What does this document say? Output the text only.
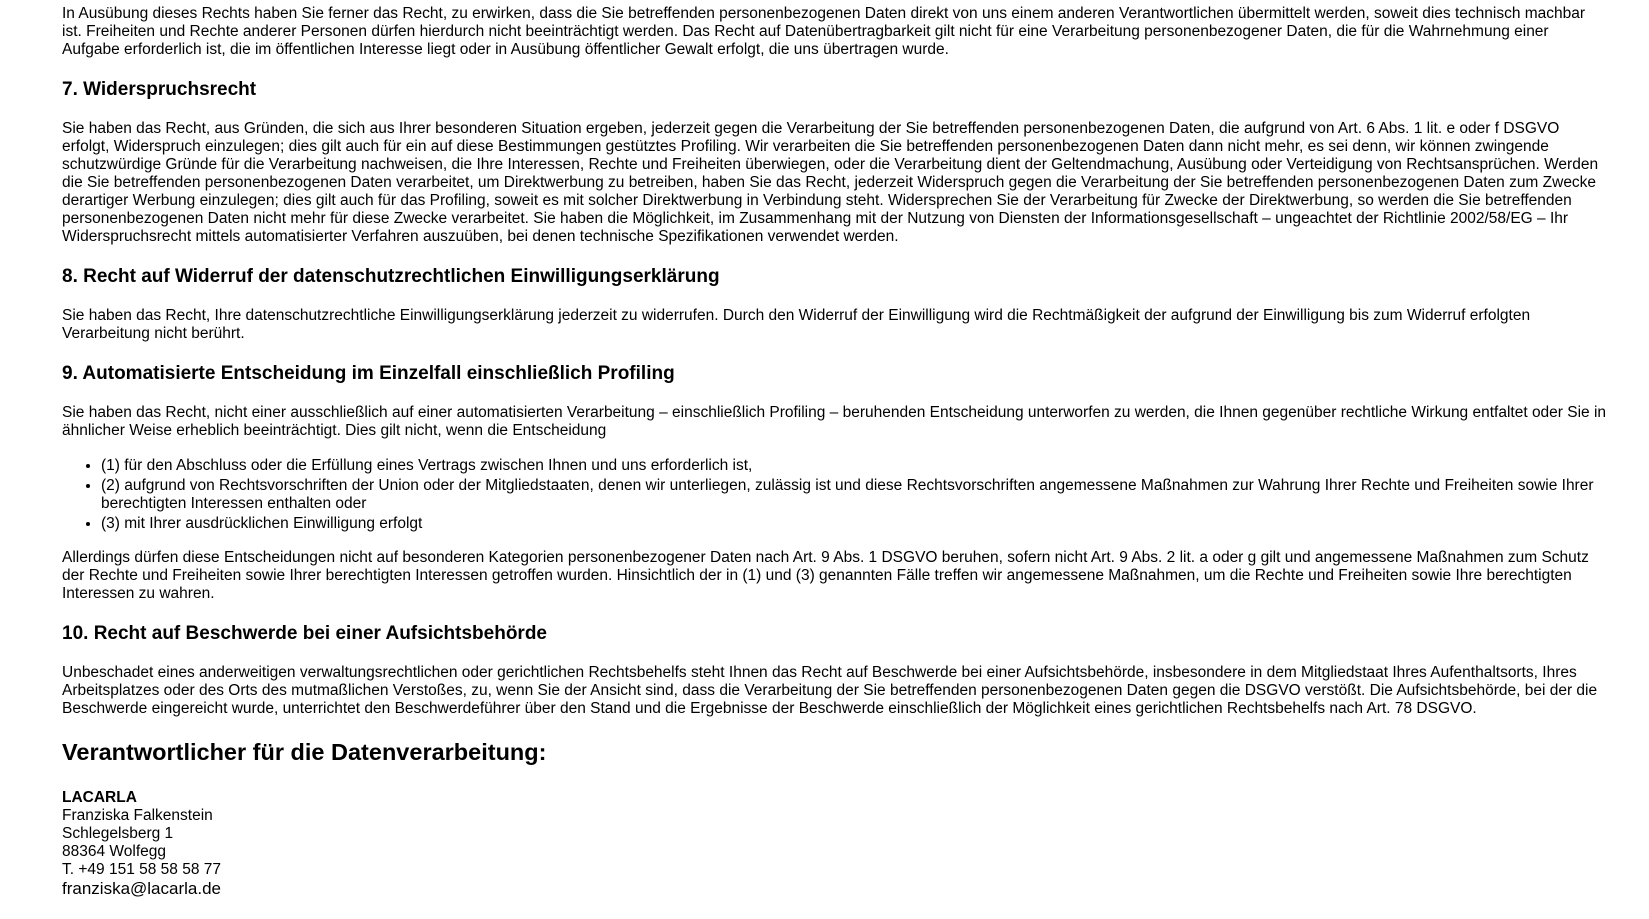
In Ausübung dieses Rechts haben Sie ferner das Recht, zu erwirken, dass die Sie betreffenden personenbezogenen Daten direkt von uns einem anderen Verantwortlichen übermittelt werden, soweit dies technisch machbar ist. Freiheiten und Rechte anderer Personen dürfen hierdurch nicht beeinträchtigt werden. Das Recht auf Datenübertragbarkeit gilt nicht für eine Verarbeitung personenbezogener Daten, die für die Wahrnehmung einer Aufgabe erforderlich ist, die im öffentlichen Interesse liegt oder in Ausübung öffentlicher Gewalt erfolgt, die uns übertragen wurde.

7. Widerspruchsrecht

Sie haben das Recht, aus Gründen, die sich aus Ihrer besonderen Situation ergeben, jederzeit gegen die Verarbeitung der Sie betreffenden personenbezogenen Daten, die aufgrund von Art. 6 Abs. 1 lit. e oder f DSGVO erfolgt, Widerspruch einzulegen; dies gilt auch für ein auf diese Bestimmungen gestütztes Profiling. Wir verarbeiten die Sie betreffenden personenbezogenen Daten dann nicht mehr, es sei denn, wir können zwingende schutzwürdige Gründe für die Verarbeitung nachweisen, die Ihre Interessen, Rechte und Freiheiten überwiegen, oder die Verarbeitung dient der Geltendmachung, Ausübung oder Verteidigung von Rechtsansprüchen. Werden die Sie betreffenden personenbezogenen Daten verarbeitet, um Direktwerbung zu betreiben, haben Sie das Recht, jederzeit Widerspruch gegen die Verarbeitung der Sie betreffenden personenbezogenen Daten zum Zwecke derartiger Werbung einzulegen; dies gilt auch für das Profiling, soweit es mit solcher Direktwerbung in Verbindung steht. Widersprechen Sie der Verarbeitung für Zwecke der Direktwerbung, so werden die Sie betreffenden personenbezogenen Daten nicht mehr für diese Zwecke verarbeitet. Sie haben die Möglichkeit, im Zusammenhang mit der Nutzung von Diensten der Informationsgesellschaft – ungeachtet der Richtlinie 2002/58/EG – Ihr Widerspruchsrecht mittels automatisierter Verfahren auszuüben, bei denen technische Spezifikationen verwendet werden.

8. Recht auf Widerruf der datenschutzrechtlichen Einwilligungserklärung

Sie haben das Recht, Ihre datenschutzrechtliche Einwilligungserklärung jederzeit zu widerrufen. Durch den Widerruf der Einwilligung wird die Rechtmäßigkeit der aufgrund der Einwilligung bis zum Widerruf erfolgten Verarbeitung nicht berührt.

9. Automatisierte Entscheidung im Einzelfall einschließlich Profiling

Sie haben das Recht, nicht einer ausschließlich auf einer automatisierten Verarbeitung – einschließlich Profiling – beruhenden Entscheidung unterworfen zu werden, die Ihnen gegenüber rechtliche Wirkung entfaltet oder Sie in ähnlicher Weise erheblich beeinträchtigt. Dies gilt nicht, wenn die Entscheidung

• (1) für den Abschluss oder die Erfüllung eines Vertrags zwischen Ihnen und uns erforderlich ist,
• (2) aufgrund von Rechtsvorschriften der Union oder der Mitgliedstaaten, denen wir unterliegen, zulässig ist und diese Rechtsvorschriften angemessene Maßnahmen zur Wahrung Ihrer Rechte und Freiheiten sowie Ihrer berechtigten Interessen enthalten oder
• (3) mit Ihrer ausdrücklichen Einwilligung erfolgt

Allerdings dürfen diese Entscheidungen nicht auf besonderen Kategorien personenbezogener Daten nach Art. 9 Abs. 1 DSGVO beruhen, sofern nicht Art. 9 Abs. 2 lit. a oder g gilt und angemessene Maßnahmen zum Schutz der Rechte und Freiheiten sowie Ihrer berechtigten Interessen getroffen wurden. Hinsichtlich der in (1) und (3) genannten Fälle treffen wir angemessene Maßnahmen, um die Rechte und Freiheiten sowie Ihre berechtigten Interessen zu wahren.

10. Recht auf Beschwerde bei einer Aufsichtsbehörde

Unbeschadet eines anderweitigen verwaltungsrechtlichen oder gerichtlichen Rechtsbehelfs steht Ihnen das Recht auf Beschwerde bei einer Aufsichtsbehörde, insbesondere in dem Mitgliedstaat Ihres Aufenthaltsorts, Ihres Arbeitsplatzes oder des Orts des mutmaßlichen Verstoßes, zu, wenn Sie der Ansicht sind, dass die Verarbeitung der Sie betreffenden personenbezogenen Daten gegen die DSGVO verstößt. Die Aufsichtsbehörde, bei der die Beschwerde eingereicht wurde, unterrichtet den Beschwerdeführer über den Stand und die Ergebnisse der Beschwerde einschließlich der Möglichkeit eines gerichtlichen Rechtsbehelfs nach Art. 78 DSGVO.

Verantwortlicher für die Datenverarbeitung:
LACARLA
Franziska Falkenstein
Schlegelsberg 1
88364 Wolfegg
T. +49 151 58 58 58 77
franziska@lacarla.de
